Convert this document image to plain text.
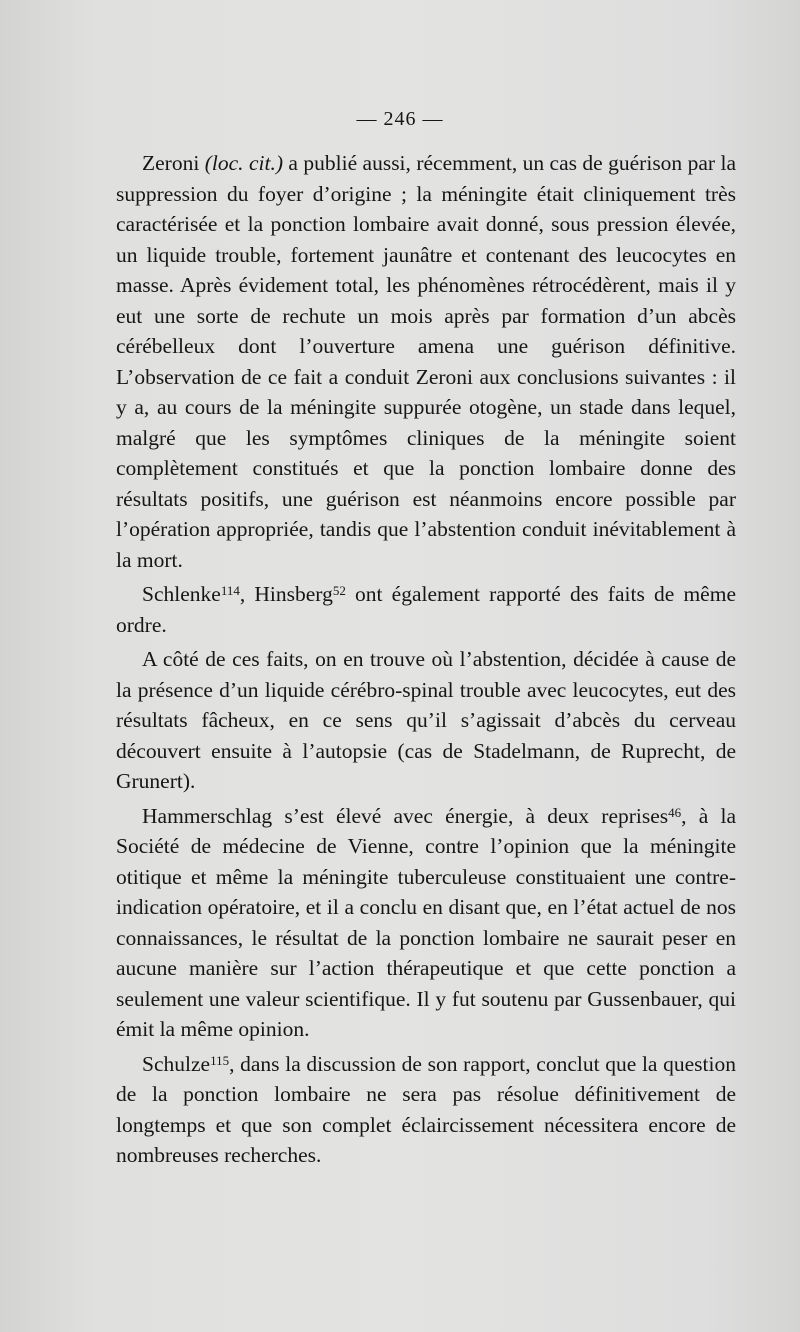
— 246 —

Zeroni (loc. cit.) a publié aussi, récemment, un cas de guérison par la suppression du foyer d’origine ; la méningite était cliniquement très caractérisée et la ponction lombaire avait donné, sous pression élevée, un liquide trouble, fortement jaunâtre et contenant des leucocytes en masse. Après évidement total, les phénomènes rétrocédèrent, mais il y eut une sorte de rechute un mois après par formation d’un abcès cérébelleux dont l’ouverture amena une guérison définitive. L’observation de ce fait a conduit Zeroni aux conclusions suivantes : il y a, au cours de la méningite suppurée otogène, un stade dans lequel, malgré que les symptômes cliniques de la méningite soient complètement constitués et que la ponction lombaire donne des résultats positifs, une guérison est néanmoins encore possible par l’opération appropriée, tandis que l’abstention conduit inévitablement à la mort.

Schlenke$^{114}$, Hinsberg$^{52}$ ont également rapporté des faits de même ordre.

A côté de ces faits, on en trouve où l’abstention, décidée à cause de la présence d’un liquide cérébro-spinal trouble avec leucocytes, eut des résultats fâcheux, en ce sens qu’il s’agissait d’abcès du cerveau découvert ensuite à l’autopsie (cas de Stadelmann, de Ruprecht, de Grunert).

Hammerschlag s’est élevé avec énergie, à deux reprises$^{46}$, à la Société de médecine de Vienne, contre l’opinion que la méningite otitique et même la méningite tuberculeuse constituaient une contre-indication opératoire, et il a conclu en disant que, en l’état actuel de nos connaissances, le résultat de la ponction lombaire ne saurait peser en aucune manière sur l’action thérapeutique et que cette ponction a seulement une valeur scientifique. Il y fut soutenu par Gussenbauer, qui émit la même opinion.

Schulze$^{115}$, dans la discussion de son rapport, conclut que la question de la ponction lombaire ne sera pas résolue définitivement de longtemps et que son complet éclaircissement nécessitera encore de nombreuses recherches.
